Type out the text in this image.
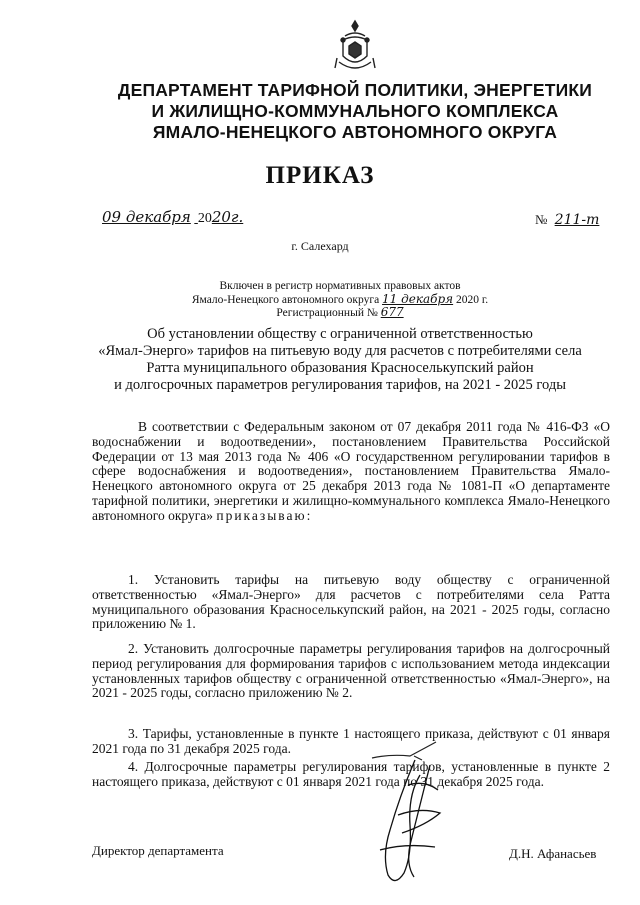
ДЕПАРТАМЕНТ ТАРИФНОЙ ПОЛИТИКИ, ЭНЕРГЕТИКИ
И ЖИЛИЩНО-КОММУНАЛЬНОГО КОМПЛЕКСА
ЯМАЛО-НЕНЕЦКОГО АВТОНОМНОГО ОКРУГА
ПРИКАЗ
09 декабря 2020г.	№ 211-т
г. Салехард
Включен в регистр нормативных правовых актов
Ямало-Ненецкого автономного округа 11 декабря 2020 г.
Регистрационный № 677
Об установлении обществу с ограниченной ответственностью
«Ямал-Энерго» тарифов на питьевую воду для расчетов с потребителями села
Ратта муниципального образования Красноселькупский район
и долгосрочных параметров регулирования тарифов, на 2021 - 2025 годы
В соответствии с Федеральным законом от 07 декабря 2011 года № 416-ФЗ «О водоснабжении и водоотведении», постановлением Правительства Российской Федерации от 13 мая 2013 года № 406 «О государственном регулировании тарифов в сфере водоснабжения и водоотведения», постановлением Правительства Ямало-Ненецкого автономного округа от 25 декабря 2013 года № 1081-П «О департаменте тарифной политики, энергетики и жилищно-коммунального комплекса Ямало-Ненецкого автономного округа» приказываю:
1. Установить тарифы на питьевую воду обществу с ограниченной ответственностью «Ямал-Энерго» для расчетов с потребителями села Ратта муниципального образования Красноселькупский район, на 2021 - 2025 годы, согласно приложению № 1.
2. Установить долгосрочные параметры регулирования тарифов на долгосрочный период регулирования для формирования тарифов с использованием метода индексации установленных тарифов обществу с ограниченной ответственностью «Ямал-Энерго», на 2021 - 2025 годы, согласно приложению № 2.
3. Тарифы, установленные в пункте 1 настоящего приказа, действуют с 01 января 2021 года по 31 декабря 2025 года.
4. Долгосрочные параметры регулирования тарифов, установленные в пункте 2 настоящего приказа, действуют с 01 января 2021 года по 31 декабря 2025 года.
Директор департамента	Д.Н. Афанасьев
